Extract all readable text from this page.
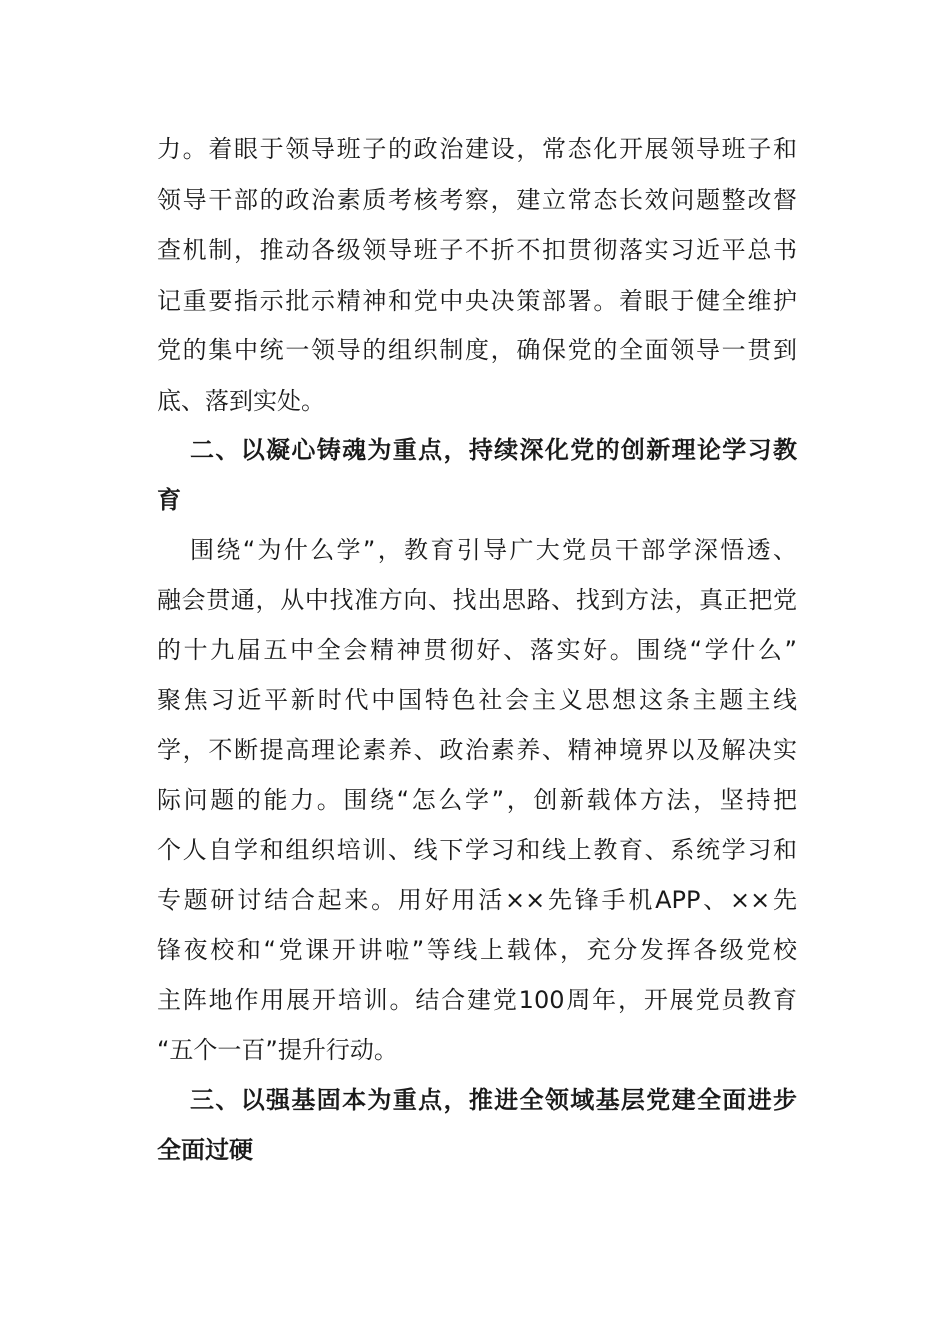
力。着眼于领导班子的政治建设，常态化开展领导班子和
领导干部的政治素质考核考察，建立常态长效问题整改督
查机制，推动各级领导班子不折不扣贯彻落实习近平总书
记重要指示批示精神和党中央决策部署。着眼于健全维护
党的集中统一领导的组织制度，确保党的全面领导一贯到
底、落到实处。
二、以凝心铸魂为重点，持续深化党的创新理论学习教
育
围绕“为什么学”，教育引导广大党员干部学深悟透、
融会贯通，从中找准方向、找出思路、找到方法，真正把党
的十九届五中全会精神贯彻好、落实好。围绕“学什么”
聚焦习近平新时代中国特色社会主义思想这条主题主线
学，不断提高理论素养、政治素养、精神境界以及解决实
际问题的能力。围绕“怎么学”，创新载体方法，坚持把
个人自学和组织培训、线下学习和线上教育、系统学习和
专题研讨结合起来。用好用活××先锋手机APP、××先
锋夜校和“党课开讲啦”等线上载体，充分发挥各级党校
主阵地作用展开培训。结合建党100周年，开展党员教育
“五个一百”提升行动。
三、以强基固本为重点，推进全领域基层党建全面进步
全面过硬
